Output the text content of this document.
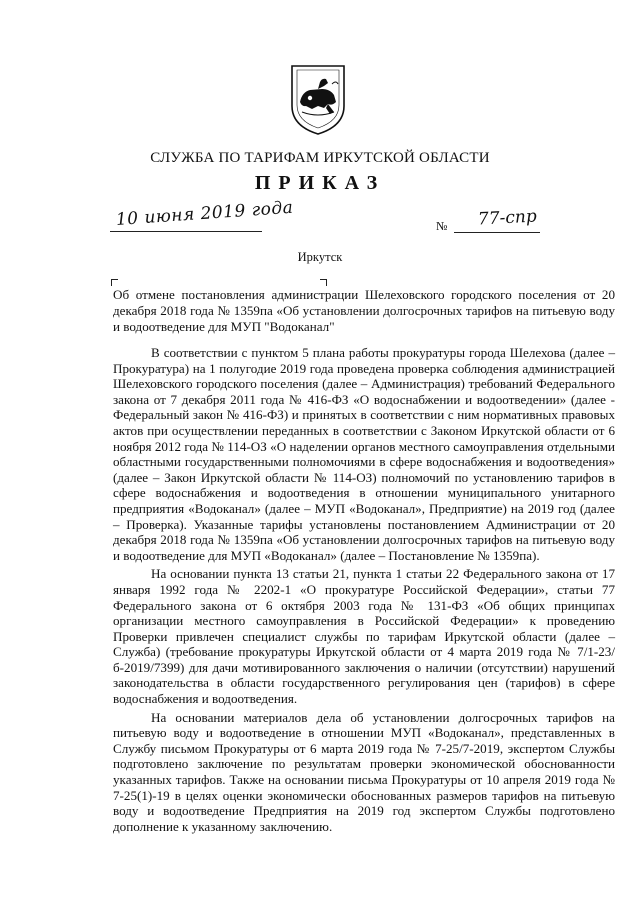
СЛУЖБА ПО ТАРИФАМ ИРКУТСКОЙ ОБЛАСТИ
ПРИКАЗ
10 июня 2019 года	№ 77-спр
Иркутск
Об отмене постановления администрации Шелеховского городского поселения от 20 декабря 2018 года № 1359па «Об установлении долгосрочных тарифов на питьевую воду и водоотведение для МУП "Водоканал"

В соответствии с пунктом 5 плана работы прокуратуры города Шелехова (далее – Прокуратура) на 1 полугодие 2019 года проведена проверка соблюдения администрацией Шелеховского городского поселения (далее – Администрация) требований Федерального закона от 7 декабря 2011 года № 416-ФЗ «О водоснабжении и водоотведении» (далее - Федеральный закон № 416-ФЗ) и принятых в соответствии с ним нормативных правовых актов при осуществлении переданных в соответствии с Законом Иркутской области от 6 ноября 2012 года № 114-ОЗ «О наделении органов местного самоуправления отдельными областными государственными полномочиями в сфере водоснабжения и водоотведения» (далее – Закон Иркутской области № 114-ОЗ) полномочий по установлению тарифов в сфере водоснабжения и водоотведения в отношении муниципального унитарного предприятия «Водоканал» (далее – МУП «Водоканал», Предприятие) на 2019 год (далее – Проверка). Указанные тарифы установлены постановлением Администрации от 20 декабря 2018 года № 1359па «Об установлении долгосрочных тарифов на питьевую воду и водоотведение для МУП «Водоканал» (далее – Постановление № 1359па).

На основании пункта 13 статьи 21, пункта 1 статьи 22 Федерального закона от 17 января 1992 года № 2202-1 «О прокуратуре Российской Федерации», статьи 77 Федерального закона от 6 октября 2003 года № 131-ФЗ «Об общих принципах организации местного самоуправления в Российской Федерации» к проведению Проверки привлечен специалист службы по тарифам Иркутской области (далее – Служба) (требование прокуратуры Иркутской области от 4 марта 2019 года № 7/1-23/б-2019/7399) для дачи мотивированного заключения о наличии (отсутствии) нарушений законодательства в области государственного регулирования цен (тарифов) в сфере водоснабжения и водоотведения.

На основании материалов дела об установлении долгосрочных тарифов на питьевую воду и водоотведение в отношении МУП «Водоканал», представленных в Службу письмом Прокуратуры от 6 марта 2019 года № 7-25/7-2019, экспертом Службы подготовлено заключение по результатам проверки экономической обоснованности указанных тарифов. Также на основании письма Прокуратуры от 10 апреля 2019 года № 7-25(1)-19 в целях оценки экономически обоснованных размеров тарифов на питьевую воду и водоотведение Предприятия на 2019 год экспертом Службы подготовлено дополнение к указанному заключению.
